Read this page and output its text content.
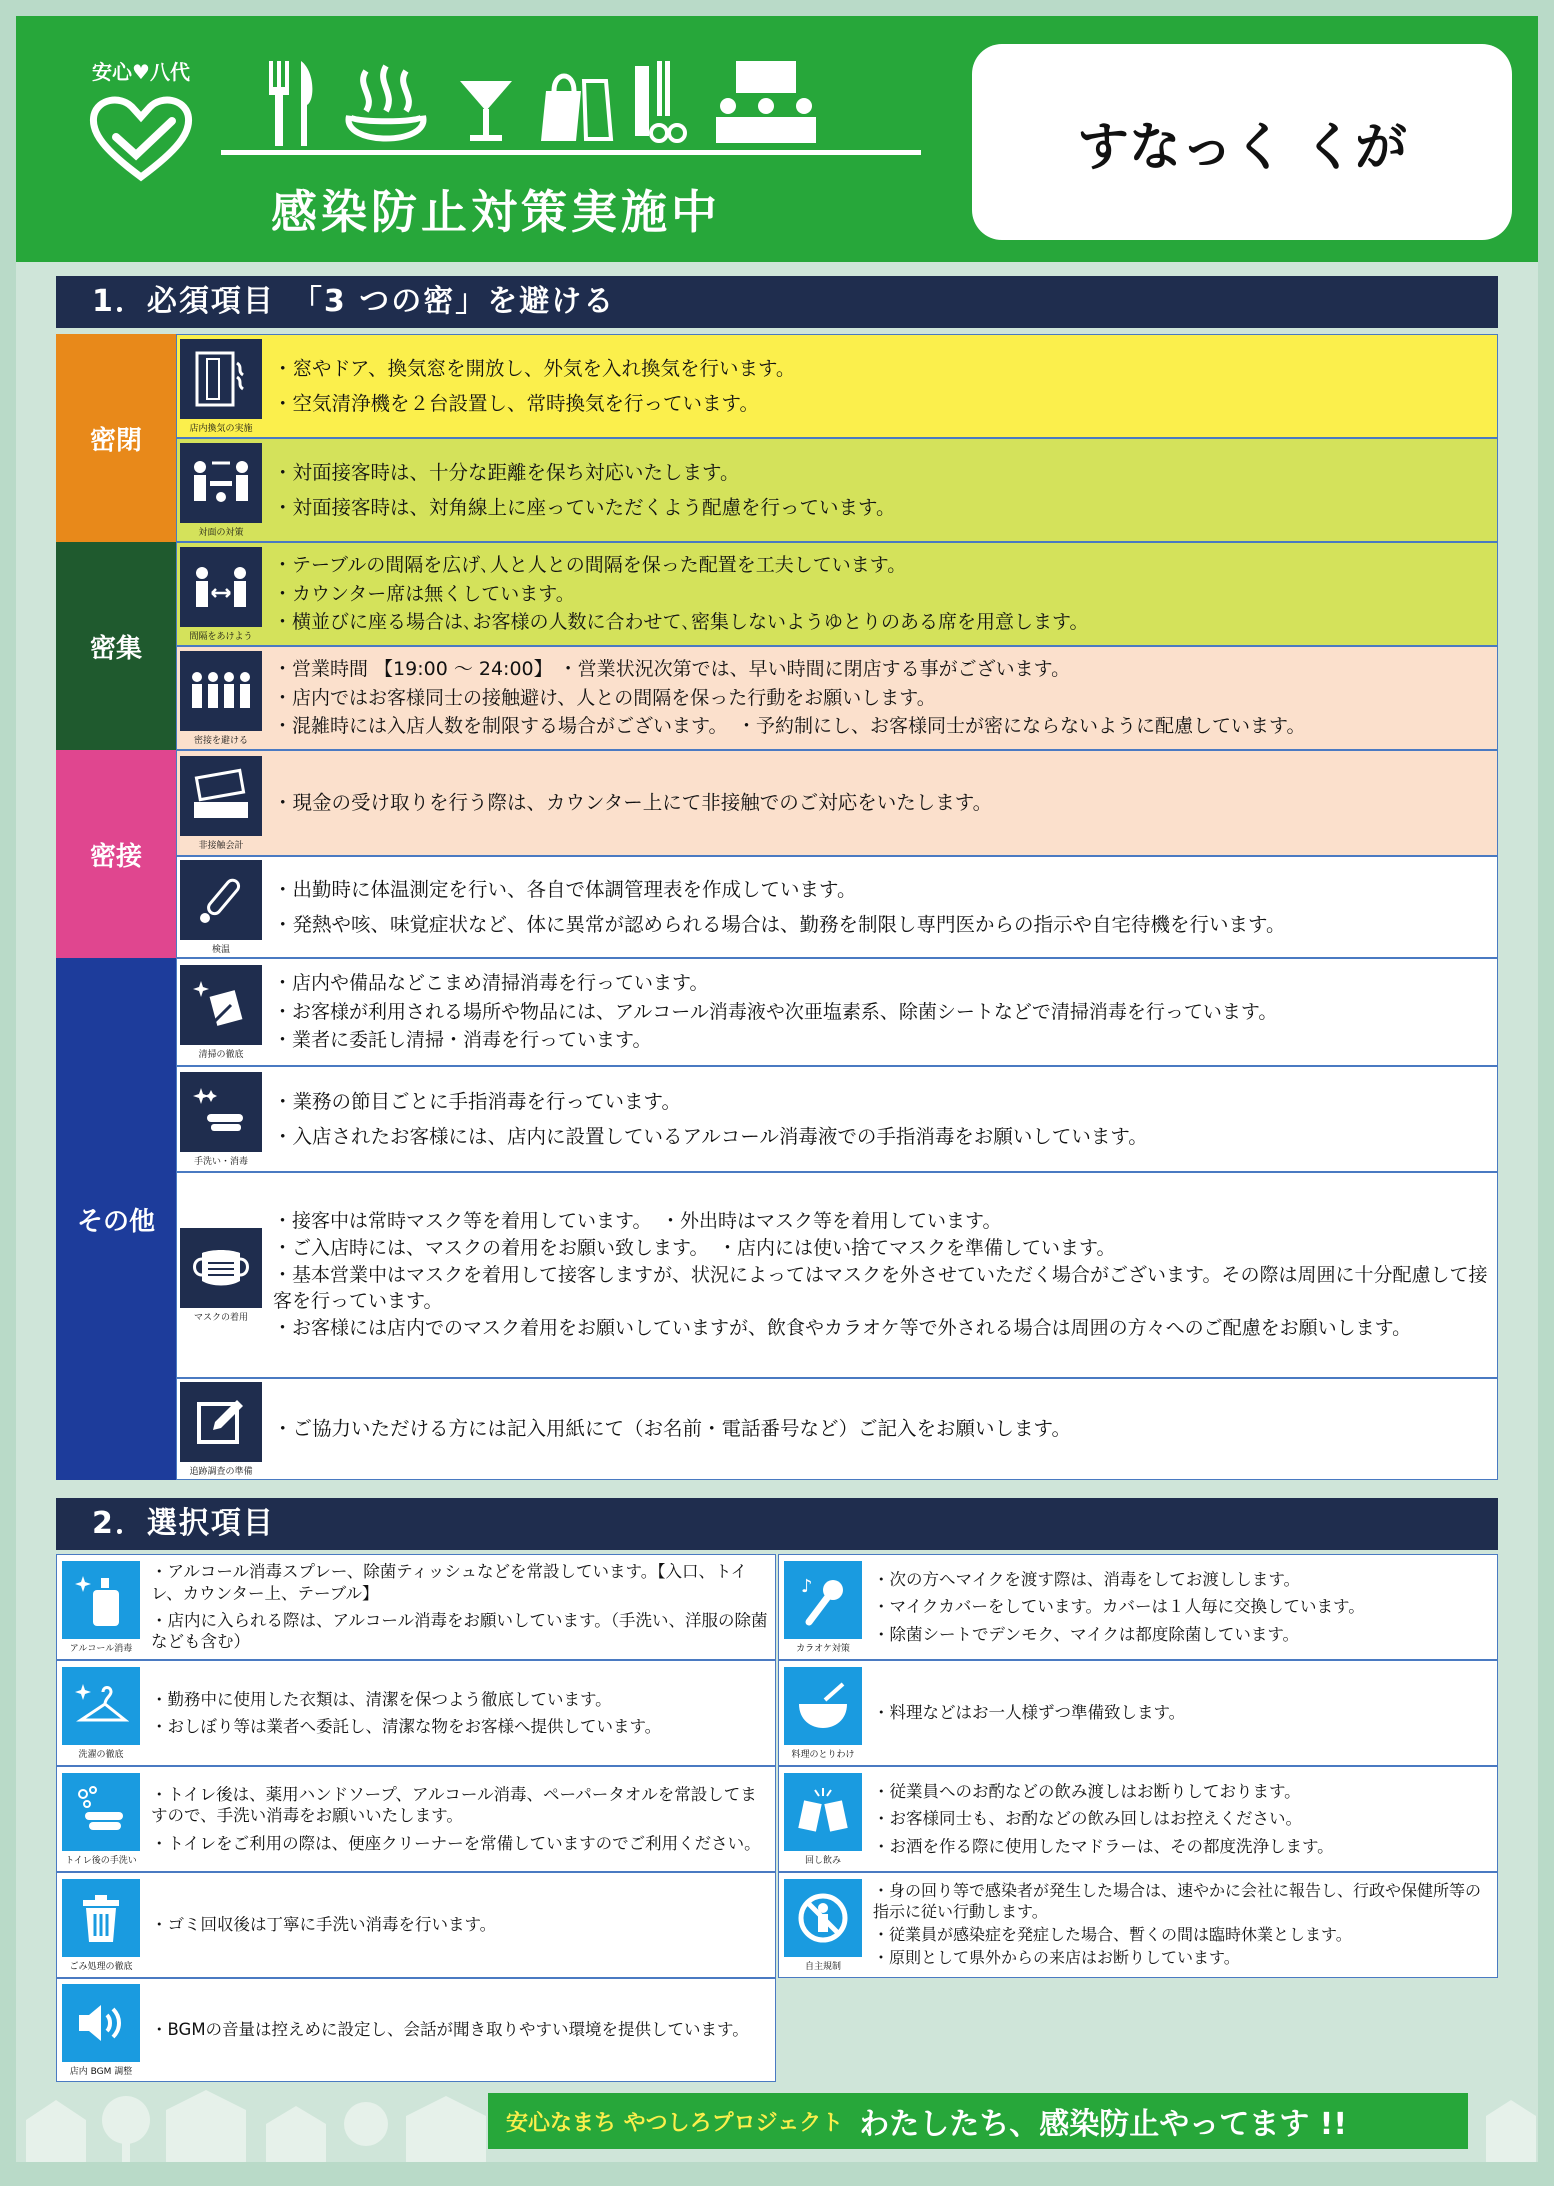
安心♥八代
感染防止対策実施中
すなっく くが
1．必須項目　「3 つの密」を避ける
密閉
密集
密接
その他
店内換気の実施
・窓やドア、換気窓を開放し、外気を入れ換気を行います。
・空気清浄機を２台設置し、常時換気を行っています。
対面の対策
・対面接客時は、十分な距離を保ち対応いたします。
・対面接客時は、対角線上に座っていただくよう配慮を行っています。
間隔をあけよう
・テーブルの間隔を広げ､人と人との間隔を保った配置を工夫しています。
・カウンター席は無くしています。
・横並びに座る場合は､お客様の人数に合わせて､密集しないようゆとりのある席を用意します。
密接を避ける
・営業時間 【19:00 ～ 24:00】 ・営業状況次第では、早い時間に閉店する事がございます。
・店内ではお客様同士の接触避け、人との間隔を保った行動をお願いします。
・混雑時には入店人数を制限する場合がございます。　・予約制にし、お客様同士が密にならないように配慮しています。
非接触会計
・現金の受け取りを行う際は、カウンター上にて非接触でのご対応をいたします。
検温
・出勤時に体温測定を行い、各自で体調管理表を作成しています。
・発熱や咳、味覚症状など、体に異常が認められる場合は、勤務を制限し専門医からの指示や自宅待機を行います。
清掃の徹底
・店内や備品などこまめ清掃消毒を行っています。
・お客様が利用される場所や物品には、アルコール消毒液や次亜塩素系、除菌シートなどで清掃消毒を行っています。
・業者に委託し清掃・消毒を行っています。
手洗い・消毒
・業務の節目ごとに手指消毒を行っています。
・入店されたお客様には、店内に設置しているアルコール消毒液での手指消毒をお願いしています。
マスクの着用
・接客中は常時マスク等を着用しています。　・外出時はマスク等を着用しています。
・ご入店時には、マスクの着用をお願い致します。　・店内には使い捨てマスクを準備しています。
・基本営業中はマスクを着用して接客しますが、状況によってはマスクを外させていただく場合がございます。その際は周囲に十分配慮して接客を行っています。
・お客様には店内でのマスク着用をお願いしていますが、飲食やカラオケ等で外される場合は周囲の方々へのご配慮をお願いします。
追跡調査の準備
・ご協力いただける方には記入用紙にて（お名前・電話番号など）ご記入をお願いします。
2．選択項目
アルコール消毒
・アルコール消毒スプレー、除菌ティッシュなどを常設しています。【入口、トイレ、カウンター上、テーブル】
・店内に入られる際は、アルコール消毒をお願いしています。（手洗い、洋服の除菌なども含む）
♪
カラオケ対策
・次の方へマイクを渡す際は、消毒をしてお渡しします。
・マイクカバーをしています。カバーは１人毎に交換しています。
・除菌シートでデンモク、マイクは都度除菌しています。
洗濯の徹底
・勤務中に使用した衣類は、清潔を保つよう徹底しています。
・おしぼり等は業者へ委託し、清潔な物をお客様へ提供しています。
料理のとりわけ
・料理などはお一人様ずつ準備致します。
トイレ後の手洗い
・トイレ後は、薬用ハンドソープ、アルコール消毒、ペーパータオルを常設してますので、手洗い消毒をお願いいたします。
・トイレをご利用の際は、便座クリーナーを常備していますのでご利用ください。
回し飲み
・従業員へのお酌などの飲み渡しはお断りしております。
・お客様同士も、お酌などの飲み回しはお控えください。
・お酒を作る際に使用したマドラーは、その都度洗浄します。
ごみ処理の徹底
・ゴミ回収後は丁寧に手洗い消毒を行います。
自主規制
・身の回り等で感染者が発生した場合は、速やかに会社に報告し、行政や保健所等の指示に従い行動します。
・従業員が感染症を発症した場合、暫くの間は臨時休業とします。
・原則として県外からの来店はお断りしています。
店内 BGM 調整
・BGMの音量は控えめに設定し、会話が聞き取りやすい環境を提供しています。
安心なまち やつしろプロジェクト わたしたち、感染防止やってます !!
